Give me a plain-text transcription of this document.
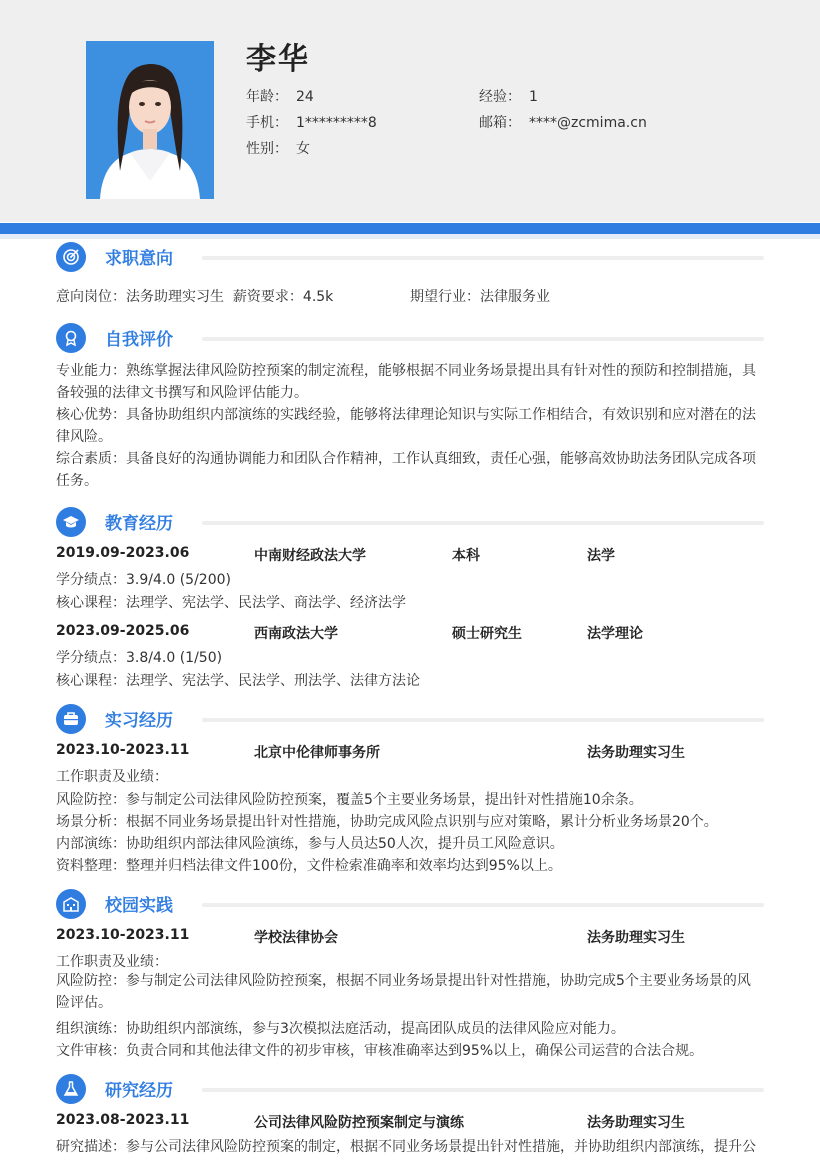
李华
年龄： 24	经验： 1
手机： 1*********8	邮箱： ****@zcmima.cn
性别： 女
求职意向
意向岗位：法务助理实习生 薪资要求：4.5k	期望行业：法律服务业
自我评价
专业能力：熟练掌握法律风险防控预案的制定流程，能够根据不同业务场景提出具有针对性的预防和控制措施，具备较强的法律文书撰写和风险评估能力。
核心优势：具备协助组织内部演练的实践经验，能够将法律理论知识与实际工作相结合，有效识别和应对潜在的法律风险。
综合素质：具备良好的沟通协调能力和团队合作精神，工作认真细致，责任心强，能够高效协助法务团队完成各项任务。
教育经历
2019.09-2023.06	中南财经政法大学	本科	法学
学分绩点：3.9/4.0 (5/200)
核心课程：法理学、宪法学、民法学、商法学、经济法学
2023.09-2025.06	西南政法大学	硕士研究生	法学理论
学分绩点：3.8/4.0 (1/50)
核心课程：法理学、宪法学、民法学、刑法学、法律方法论
实习经历
2023.10-2023.11	北京中伦律师事务所	法务助理实习生
工作职责及业绩：
风险防控：参与制定公司法律风险防控预案，覆盖5个主要业务场景，提出针对性措施10余条。
场景分析：根据不同业务场景提出针对性措施，协助完成风险点识别与应对策略，累计分析业务场景20个。
内部演练：协助组织内部法律风险演练，参与人员达50人次，提升员工风险意识。
资料整理：整理并归档法律文件100份，文件检索准确率和效率均达到95%以上。
校园实践
2023.10-2023.11	学校法律协会	法务助理实习生
工作职责及业绩：
风险防控：参与制定公司法律风险防控预案，根据不同业务场景提出针对性措施，协助完成5个主要业务场景的风险评估。
组织演练：协助组织内部演练，参与3次模拟法庭活动，提高团队成员的法律风险应对能力。
文件审核：负责合同和其他法律文件的初步审核，审核准确率达到95%以上，确保公司运营的合法合规。
研究经历
2023.08-2023.11	公司法律风险防控预案制定与演练	法务助理实习生
研究描述：参与公司法律风险防控预案的制定，根据不同业务场景提出针对性措施，并协助组织内部演练，提升公
